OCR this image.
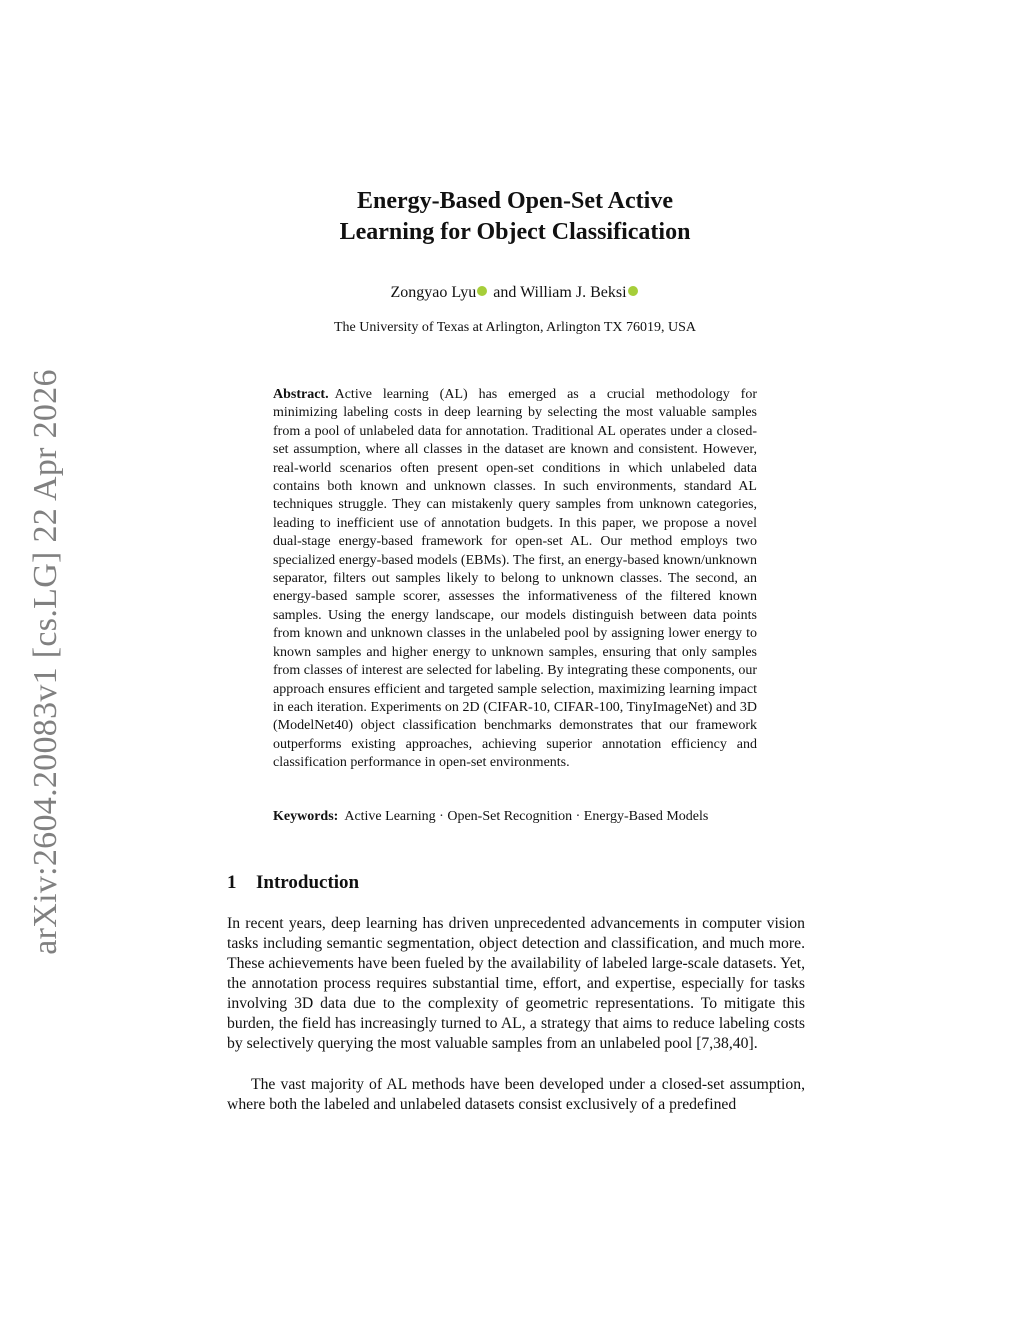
arXiv:2604.20083v1 [cs.LG] 22 Apr 2026
Energy-Based Open-Set Active
Learning for Object Classification
Zongyao Lyu and William J. Beksi
The University of Texas at Arlington, Arlington TX 76019, USA

Abstract. Active learning (AL) has emerged as a crucial methodology for minimizing labeling costs in deep learning by selecting the most valuable samples from a pool of unlabeled data for annotation. Traditional AL operates under a closed-set assumption, where all classes in the dataset are known and consistent. However, real-world scenarios often present open-set conditions in which unlabeled data contains both known and unknown classes. In such environments, standard AL techniques struggle. They can mistakenly query samples from unknown categories, leading to inefficient use of annotation budgets. In this paper, we propose a novel dual-stage energy-based framework for open-set AL. Our method employs two specialized energy-based models (EBMs). The first, an energy-based known/unknown separator, filters out samples likely to belong to unknown classes. The second, an energy-based sample scorer, assesses the informativeness of the filtered known samples. Using the energy landscape, our models distinguish between data points from known and unknown classes in the unlabeled pool by assigning lower energy to known samples and higher energy to unknown samples, ensuring that only samples from classes of interest are selected for labeling. By integrating these components, our approach ensures efficient and targeted sample selection, maximizing learning impact in each iteration. Experiments on 2D (CIFAR-10, CIFAR-100, TinyImageNet) and 3D (ModelNet40) object classification benchmarks demonstrates that our framework outperforms existing approaches, achieving superior annotation efficiency and classification performance in open-set environments.

Keywords: Active Learning · Open-Set Recognition · Energy-Based Models

1 Introduction

In recent years, deep learning has driven unprecedented advancements in computer vision tasks including semantic segmentation, object detection and classification, and much more. These achievements have been fueled by the availability of labeled large-scale datasets. Yet, the annotation process requires substantial time, effort, and expertise, especially for tasks involving 3D data due to the complexity of geometric representations. To mitigate this burden, the field has increasingly turned to AL, a strategy that aims to reduce labeling costs by selectively querying the most valuable samples from an unlabeled pool [7,38,40].

The vast majority of AL methods have been developed under a closed-set assumption, where both the labeled and unlabeled datasets consist exclusively of a predefined
